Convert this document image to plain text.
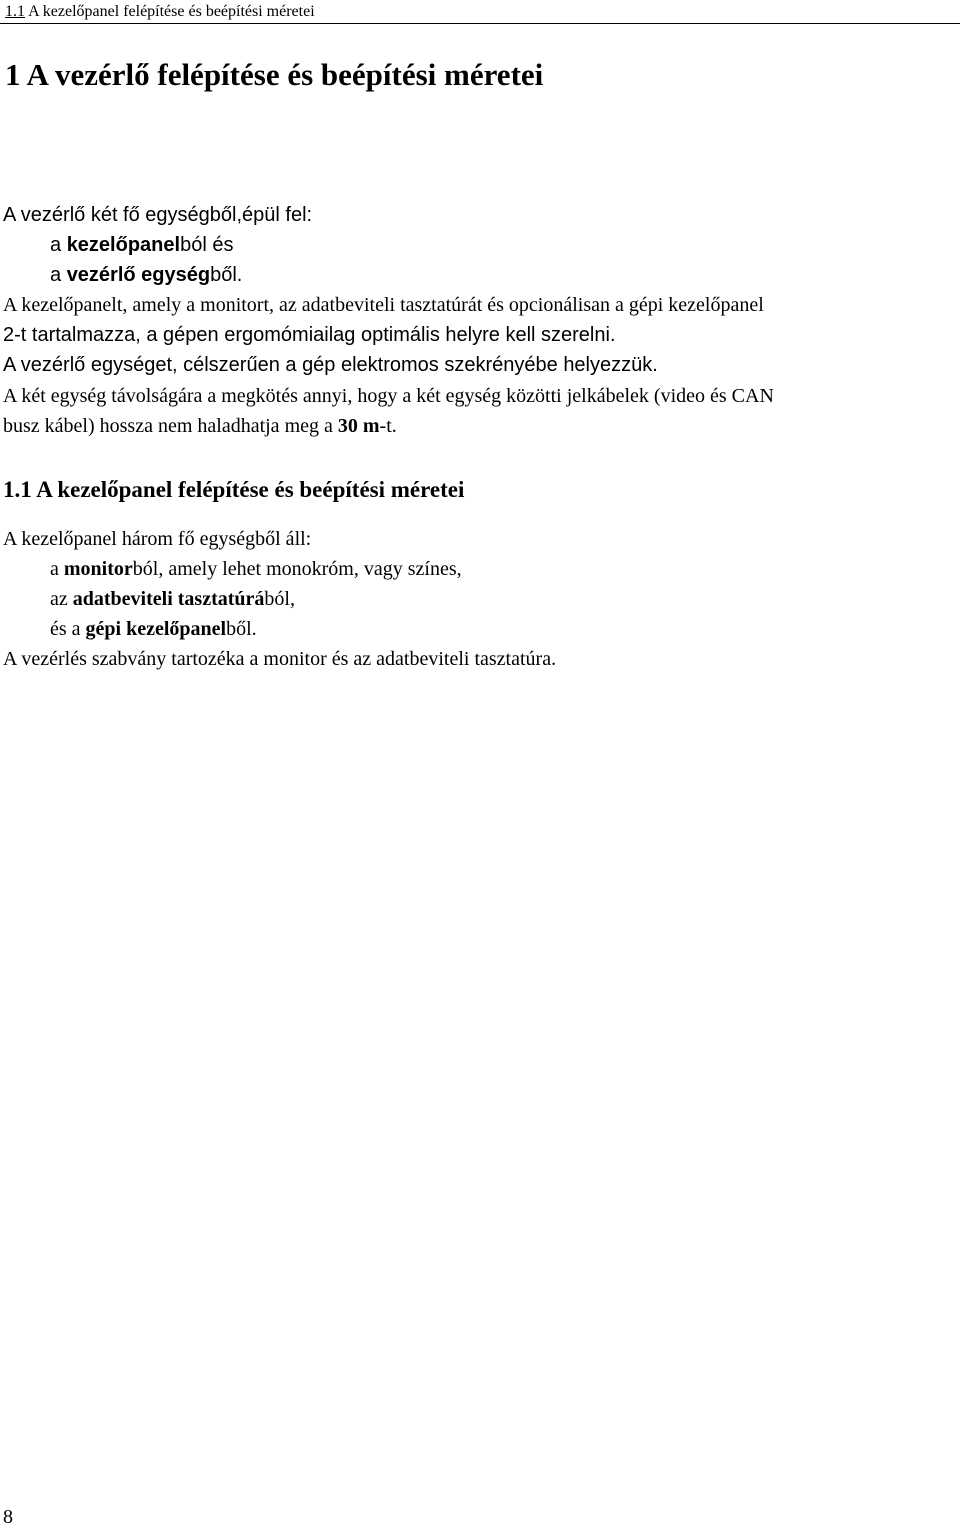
1.1 A kezelőpanel felépítése és beépítési méretei
1 A vezérlő felépítése és beépítési méretei
A vezérlő két fő egységből,épül fel:
a kezelőpanelból és
a vezérlő egységből.
A kezelőpanelt, amely a monitort, az adatbeviteli tasztatúrát és opcionálisan a gépi kezelőpanel
2-t tartalmazza, a gépen ergomómiailag optimális helyre kell szerelni.
A vezérlő egységet, célszerűen a gép elektromos szekrényébe helyezzük.
A két egység távolságára a megkötés annyi, hogy a két egység közötti jelkábelek (video és CAN
busz kábel) hossza nem haladhatja meg a 30 m-t.
1.1 A kezelőpanel felépítése és beépítési méretei
A kezelőpanel három fő egységből áll:
a monitorból, amely lehet monokróm, vagy színes,
az adatbeviteli tasztatúrából,
és a gépi kezelőpanelből.
A vezérlés szabvány tartozéka a monitor és az adatbeviteli tasztatúra.
8
